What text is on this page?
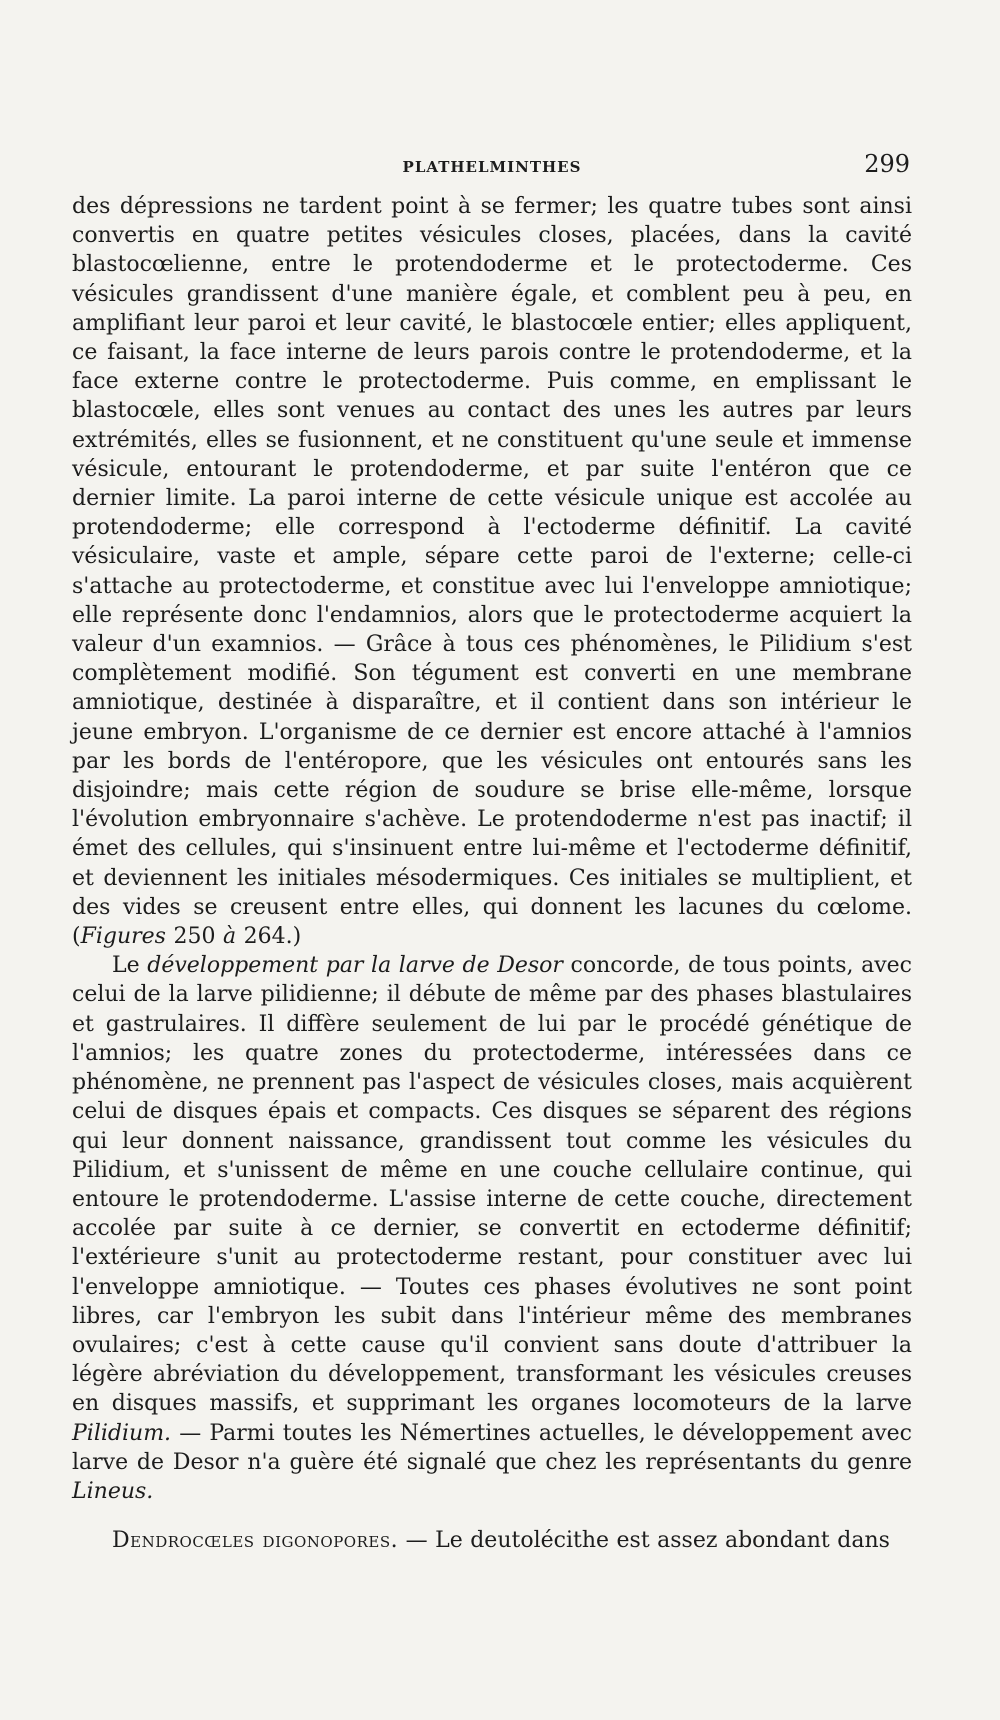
PLATHELMINTHES	299

des dépressions ne tardent point à se fermer; les quatre tubes sont ainsi convertis en quatre petites vésicules closes, placées, dans la cavité blastocœlienne, entre le protendoderme et le protectoderme. Ces vésicules grandissent d'une manière égale, et comblent peu à peu, en amplifiant leur paroi et leur cavité, le blastocœle entier; elles appliquent, ce faisant, la face interne de leurs parois contre le protendoderme, et la face externe contre le protectoderme. Puis comme, en emplissant le blastocœle, elles sont venues au contact des unes les autres par leurs extrémités, elles se fusionnent, et ne constituent qu'une seule et immense vésicule, entourant le protendoderme, et par suite l'entéron que ce dernier limite. La paroi interne de cette vésicule unique est accolée au protendoderme; elle correspond à l'ectoderme définitif. La cavité vésiculaire, vaste et ample, sépare cette paroi de l'externe; celle-ci s'attache au protectoderme, et constitue avec lui l'enveloppe amniotique; elle représente donc l'endamnios, alors que le protectoderme acquiert la valeur d'un examnios. — Grâce à tous ces phénomènes, le Pilidium s'est complètement modifié. Son tégument est converti en une membrane amniotique, destinée à disparaître, et il contient dans son intérieur le jeune embryon. L'organisme de ce dernier est encore attaché à l'amnios par les bords de l'entéropore, que les vésicules ont entourés sans les disjoindre; mais cette région de soudure se brise elle-même, lorsque l'évolution embryonnaire s'achève. Le protendoderme n'est pas inactif; il émet des cellules, qui s'insinuent entre lui-même et l'ectoderme définitif, et deviennent les initiales mésodermiques. Ces initiales se multiplient, et des vides se creusent entre elles, qui donnent les lacunes du cœlome. (Figures 250 à 264.)

Le développement par la larve de Desor concorde, de tous points, avec celui de la larve pilidienne; il débute de même par des phases blastulaires et gastrulaires. Il diffère seulement de lui par le procédé génétique de l'amnios; les quatre zones du protectoderme, intéressées dans ce phénomène, ne prennent pas l'aspect de vésicules closes, mais acquièrent celui de disques épais et compacts. Ces disques se séparent des régions qui leur donnent naissance, grandissent tout comme les vésicules du Pilidium, et s'unissent de même en une couche cellulaire continue, qui entoure le protendoderme. L'assise interne de cette couche, directement accolée par suite à ce dernier, se convertit en ectoderme définitif; l'extérieure s'unit au protectoderme restant, pour constituer avec lui l'enveloppe amniotique. — Toutes ces phases évolutives ne sont point libres, car l'embryon les subit dans l'intérieur même des membranes ovulaires; c'est à cette cause qu'il convient sans doute d'attribuer la légère abréviation du développement, transformant les vésicules creuses en disques massifs, et supprimant les organes locomoteurs de la larve Pilidium. — Parmi toutes les Némertines actuelles, le développement avec larve de Desor n'a guère été signalé que chez les représentants du genre Lineus.

Dendrocœles digonopores. — Le deutolécithe est assez abondant dans
